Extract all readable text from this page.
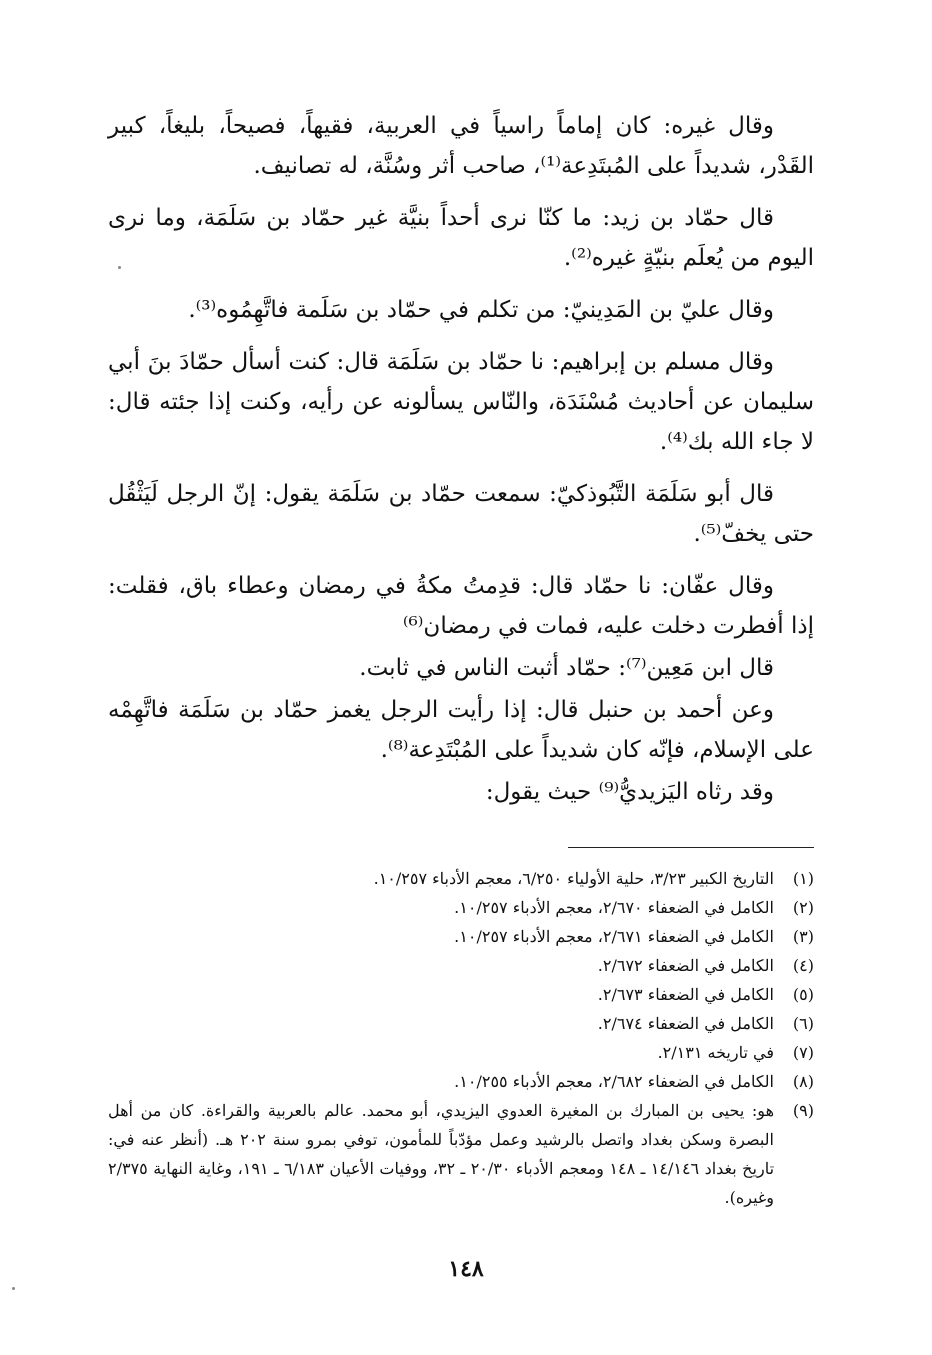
وقال غيره: كان إماماً راسياً في العربية، فقيهاً، فصيحاً، بليغاً، كبير القَدْر، شديداً على المُبتَدِعة⁽¹⁾، صاحب أثر وسُنَّة، له تصانيف.

قال حمّاد بن زيد: ما كنّا نرى أحداً بنيَّة غير حمّاد بن سَلَمَة، وما نرى اليوم من يُعلَم بنيّةٍ غيره⁽²⁾.

وقال عليّ بن المَدِينيّ: من تكلم في حمّاد بن سَلَمة فاتَّهِمُوه⁽³⁾.

وقال مسلم بن إبراهيم: نا حمّاد بن سَلَمَة قال: كنت أسأل حمّادَ بنَ أبي سليمان عن أحاديث مُسْنَدَة، والنّاس يسألونه عن رأيه، وكنت إذا جئته قال: لا جاء الله بك⁽⁴⁾.

قال أبو سَلَمَة التَّبُوذكيّ: سمعت حمّاد بن سَلَمَة يقول: إنّ الرجل لَيَثْقُل حتى يخفّ⁽⁵⁾.

وقال عفّان: نا حمّاد قال: قدِمتُ مكةُ في رمضان وعطاء باق، فقلت: إذا أفطرت دخلت عليه، فمات في رمضان⁽⁶⁾

قال ابن مَعِين⁽⁷⁾: حمّاد أثبت الناس في ثابت.

وعن أحمد بن حنبل قال: إذا رأيت الرجل يغمز حمّاد بن سَلَمَة فاتَّهِمْه على الإسلام، فإنّه كان شديداً على المُبْتَدِعة⁽⁸⁾.

وقد رثاه اليَزيديُّ⁽⁹⁾ حيث يقول:

(١)
التاريخ الكبير ٣/٢٣، حلية الأولياء ٦/٢٥٠، معجم الأدباء ١٠/٢٥٧.
(٢)
الكامل في الضعفاء ٢/٦٧٠، معجم الأدباء ١٠/٢٥٧.
(٣)
الكامل في الضعفاء ٢/٦٧١، معجم الأدباء ١٠/٢٥٧.
(٤)
الكامل في الضعفاء ٢/٦٧٢.
(٥)
الكامل في الضعفاء ٢/٦٧٣.
(٦)
الكامل في الضعفاء ٢/٦٧٤.
(٧)
في تاريخه ٢/١٣١.
(٨)
الكامل في الضعفاء ٢/٦٨٢، معجم الأدباء ١٠/٢٥٥.
(٩)
هو: يحيى بن المبارك بن المغيرة العدوي اليزيدي، أبو محمد. عالم بالعربية والقراءة. كان من أهل البصرة وسكن بغداد واتصل بالرشيد وعمل مؤدّباً للمأمون، توفي بمرو سنة ٢٠٢ هـ. (أنظر عنه في: تاريخ بغداد ١٤/١٤٦ ـ ١٤٨ ومعجم الأدباء ٢٠/٣٠ ـ ٣٢، ووفيات الأعيان ٦/١٨٣ ـ ١٩١، وغاية النهاية ٢/٣٧٥ وغيره).
١٤٨
